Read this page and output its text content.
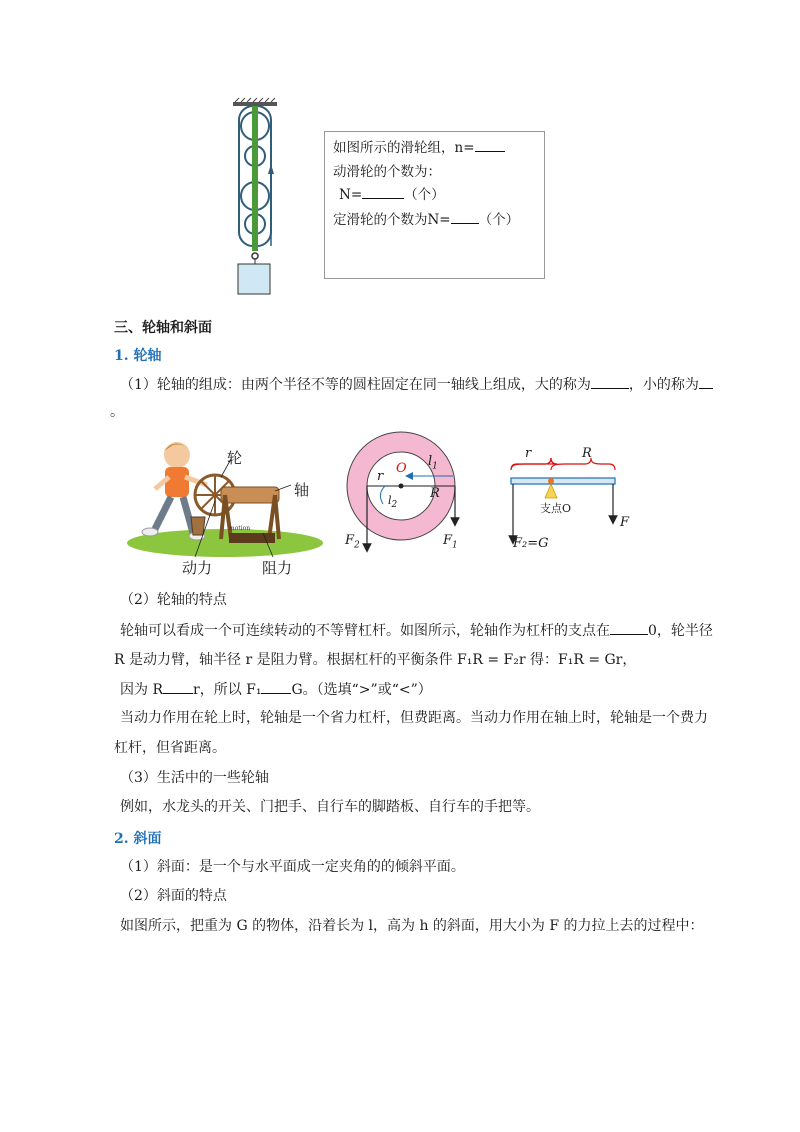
如图所示的滑轮组，n=
动滑轮的个数为：
N=	（个）
定滑轮的个数为N= （个）
三、轮轴和斜面
1. 轮轴
（1）轮轴的组成：由两个半径不等的圆柱固定在同一轴线上组成，大的称为	，小的称为
。
motion
轮
轴
动力	阻力
O $l_1$
r
R
$l_2$
$F_2$	$F_1$
r	R
支点O
F
F₂=G
（2）轮轴的特点
轮轴可以看成一个可连续转动的不等臂杠杆。如图所示，轮轴作为杠杆的支点在	0，轮半径
R 是动力臂，轴半径 r 是阻力臂。根据杠杆的平衡条件 F₁R = F₂r 得：F₁R = Gr，
因为 R r，所以 F₁ G。（选填“>”或“<”）
当动力作用在轮上时，轮轴是一个省力杠杆，但费距离。当动力作用在轴上时，轮轴是一个费力
杠杆，但省距离。
（3）生活中的一些轮轴
例如，水龙头的开关、门把手、自行车的脚踏板、自行车的手把等。
2. 斜面
（1）斜面：是一个与水平面成一定夹角的的倾斜平面。
（2）斜面的特点
如图所示，把重为 G 的物体，沿着长为 l，高为 h 的斜面，用大小为 F 的力拉上去的过程中：
